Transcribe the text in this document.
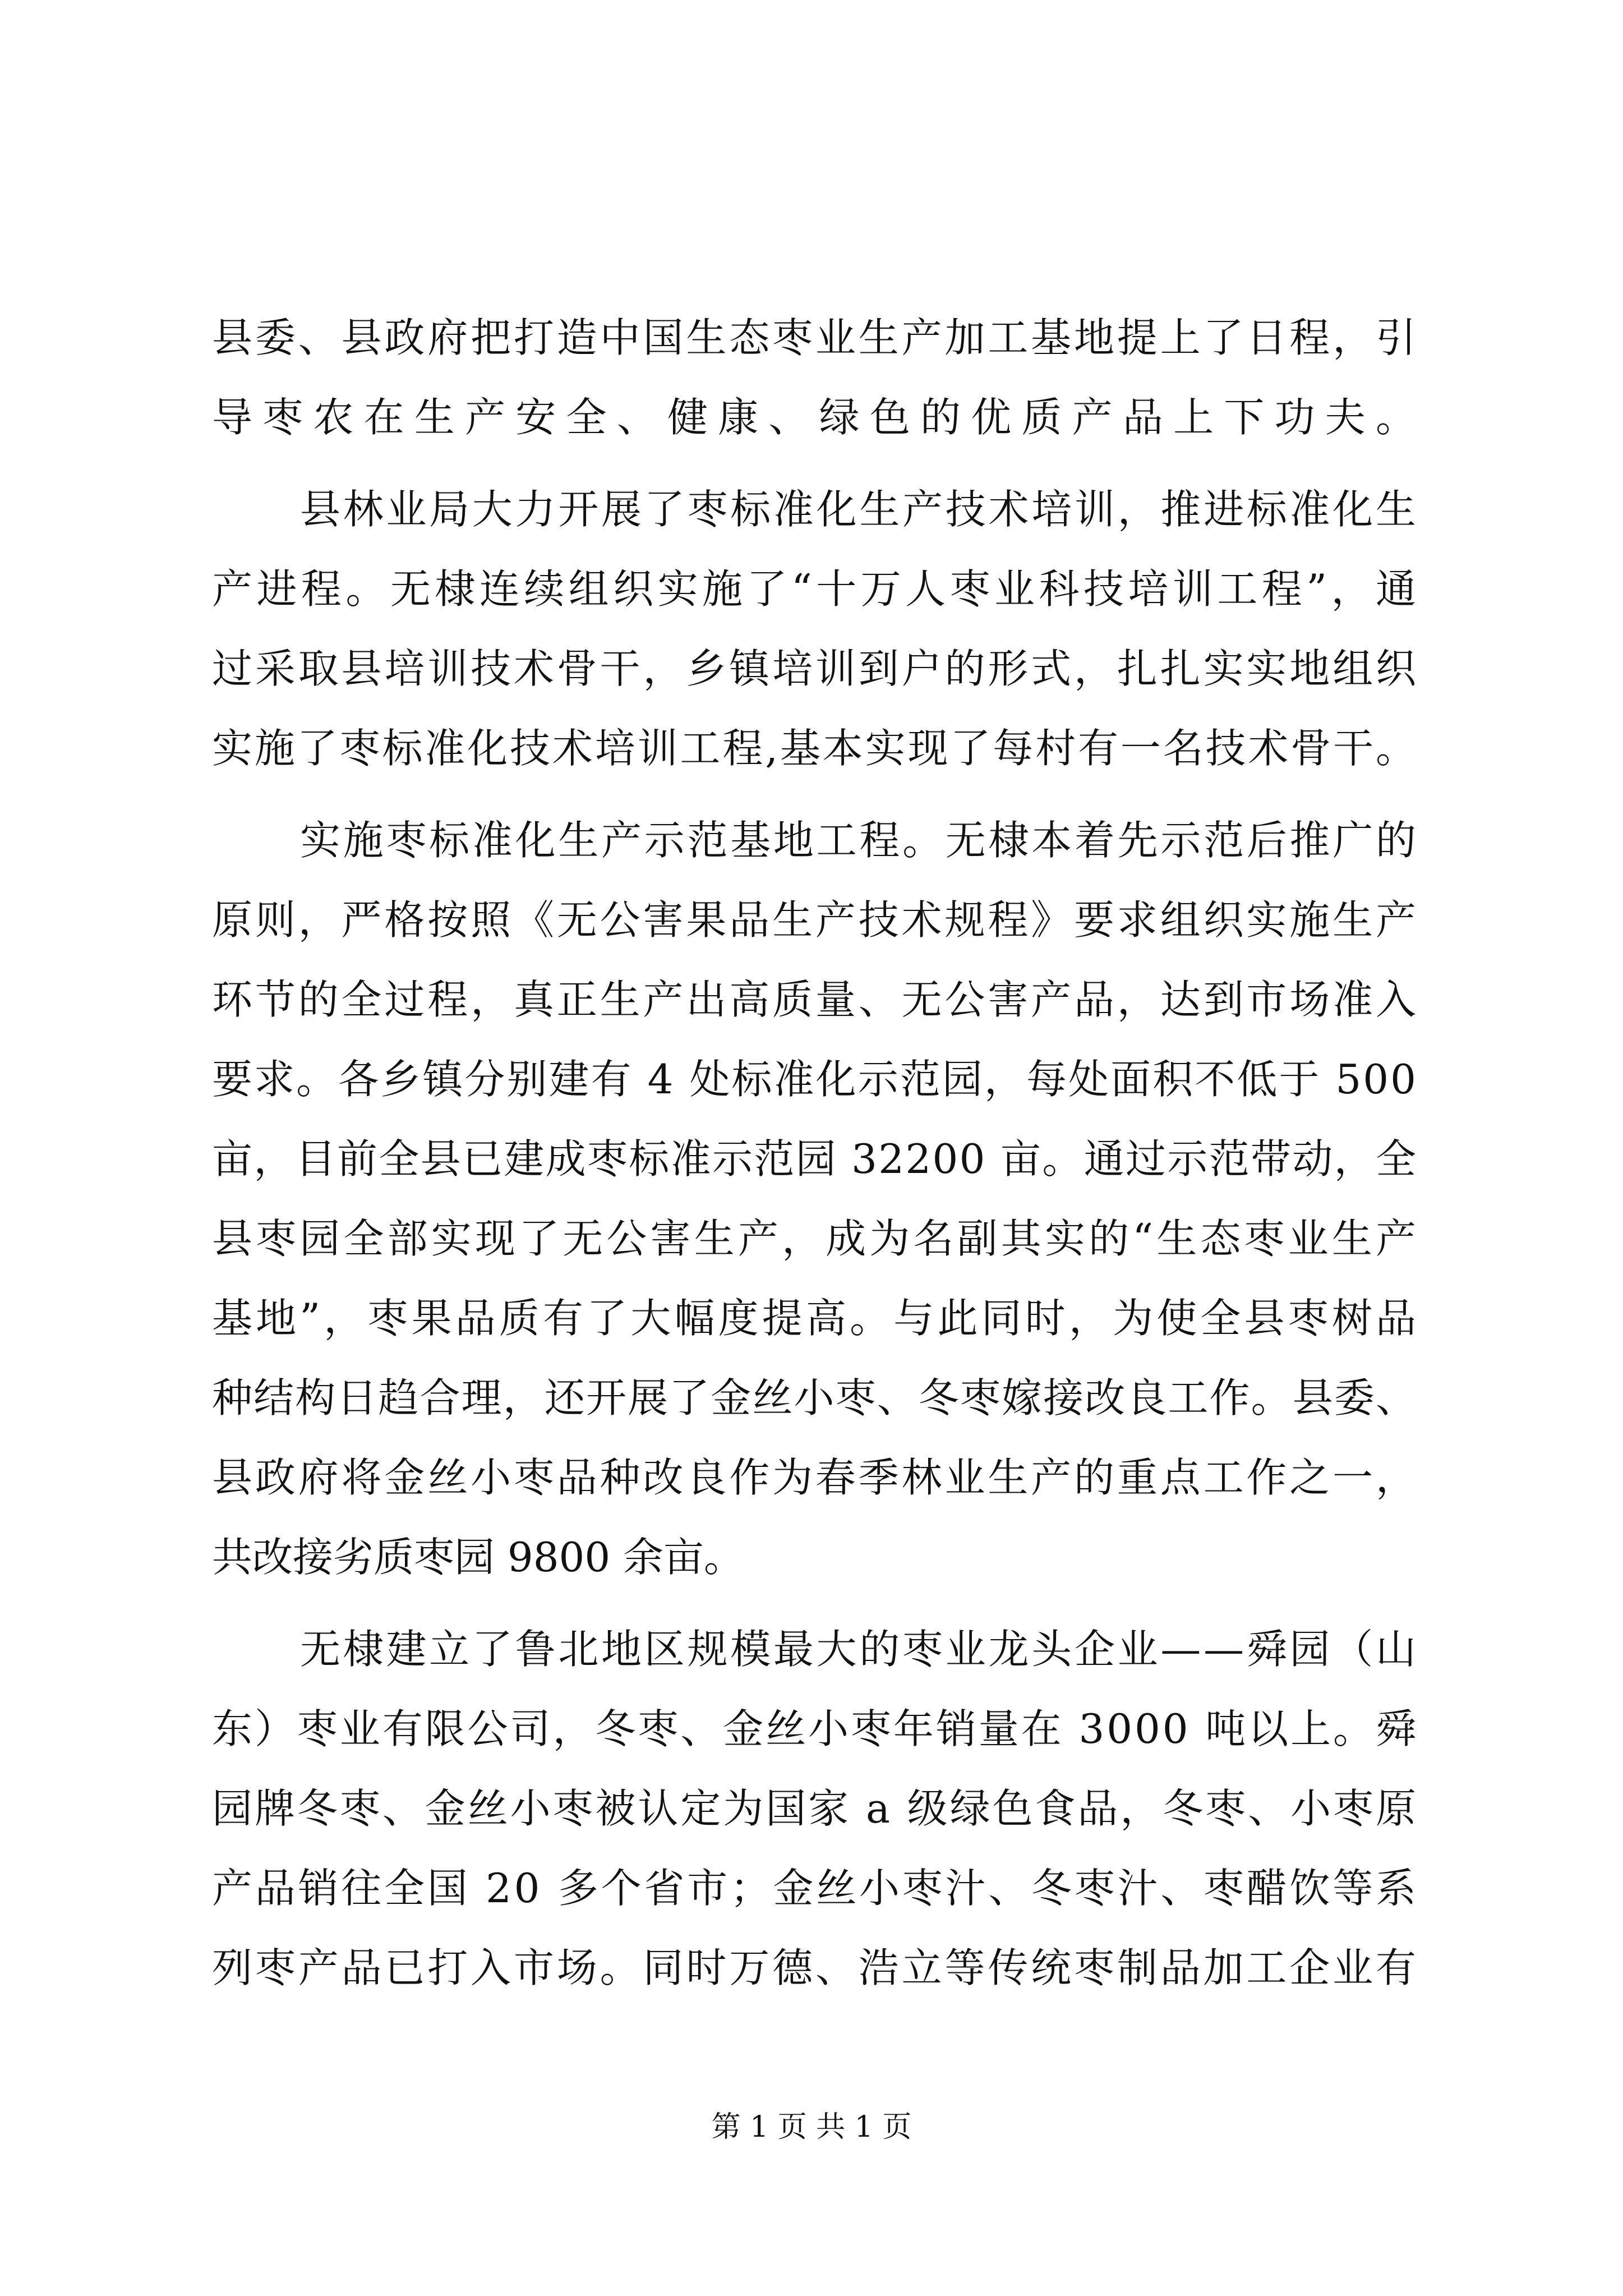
县委、县政府把打造中国生态枣业生产加工基地提上了日程，引

导枣农在生产安全、健康、绿色的优质产品上下功夫。

县林业局大力开展了枣标准化生产技术培训，推进标准化生

产进程。无棣连续组织实施了“十万人枣业科技培训工程”，通

过采取县培训技术骨干，乡镇培训到户的形式，扎扎实实地组织

实施了枣标准化技术培训工程,基本实现了每村有一名技术骨干。

实施枣标准化生产示范基地工程。无棣本着先示范后推广的

原则，严格按照《无公害果品生产技术规程》要求组织实施生产

环节的全过程，真正生产出高质量、无公害产品，达到市场准入

要求。各乡镇分别建有 4 处标准化示范园，每处面积不低于 500

亩，目前全县已建成枣标准示范园 32200 亩。通过示范带动，全

县枣园全部实现了无公害生产，成为名副其实的“生态枣业生产

基地”，枣果品质有了大幅度提高。与此同时，为使全县枣树品

种结构日趋合理，还开展了金丝小枣、冬枣嫁接改良工作。县委、

县政府将金丝小枣品种改良作为春季林业生产的重点工作之一，

共改接劣质枣园 9800 余亩。

无棣建立了鲁北地区规模最大的枣业龙头企业——舜园（山

东）枣业有限公司，冬枣、金丝小枣年销量在 3000 吨以上。舜

园牌冬枣、金丝小枣被认定为国家 a 级绿色食品，冬枣、小枣原

产品销往全国 20 多个省市；金丝小枣汁、冬枣汁、枣醋饮等系

列枣产品已打入市场。同时万德、浩立等传统枣制品加工企业有

第 1 页 共 1 页
